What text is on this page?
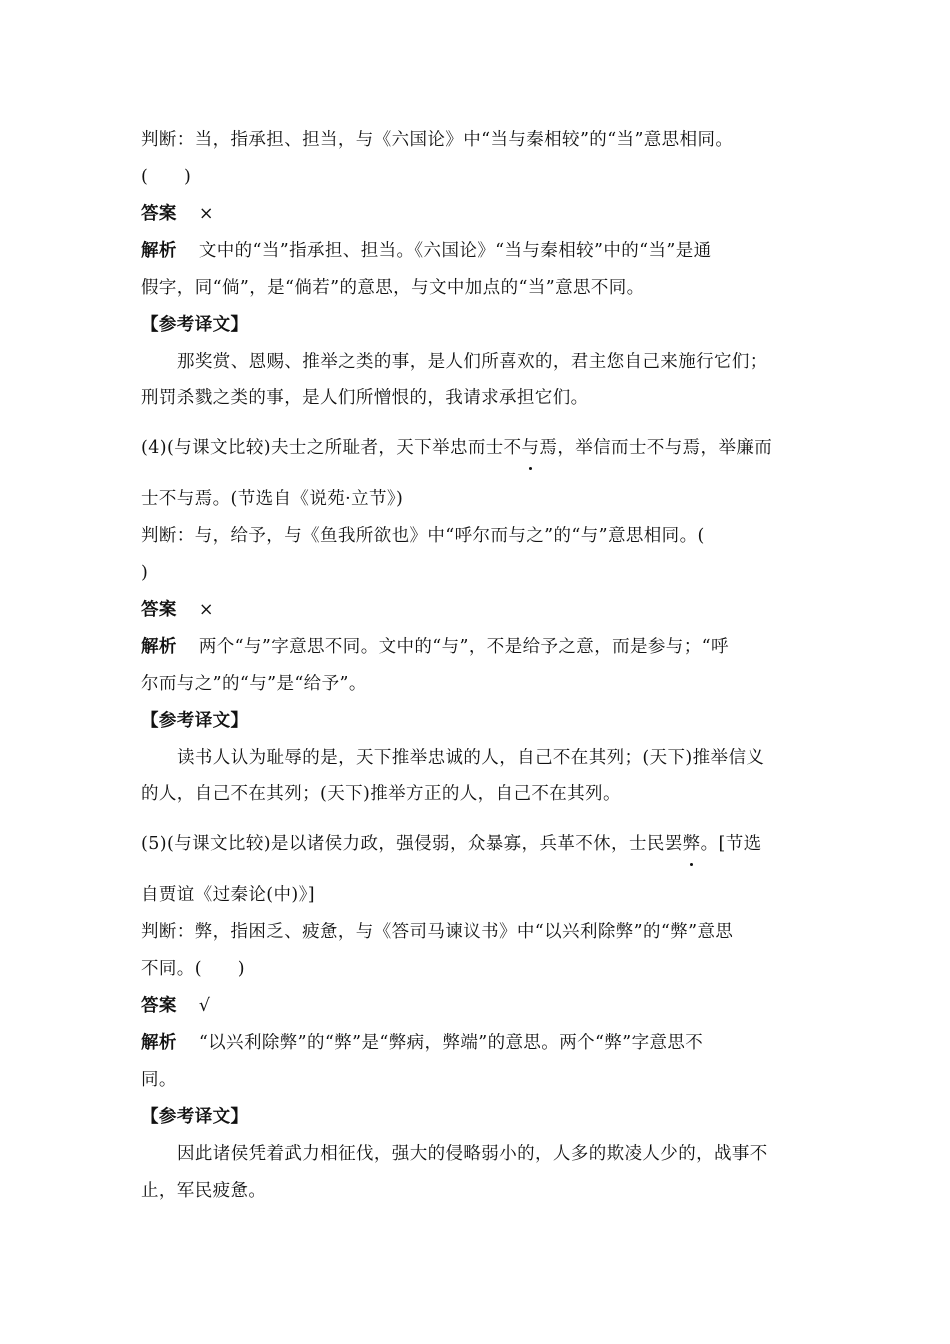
判断：当，指承担、担当，与《六国论》中“当与秦相较”的“当”意思相同。
(　　)
答案 ×
解析 文中的“当”指承担、担当。《六国论》“当与秦相较”中的“当”是通
假字，同“倘”，是“倘若”的意思，与文中加点的“当”意思不同。
【参考译文】
那奖赏、恩赐、推举之类的事，是人们所喜欢的，君主您自己来施行它们；
刑罚杀戮之类的事，是人们所憎恨的，我请求承担它们。
(4)(与课文比较)夫士之所耻者，天下举忠而士不与焉，举信而士不与焉，举廉而
士不与焉。(节选自《说苑·立节》)
判断：与，给予，与《鱼我所欲也》中“呼尔而与之”的“与”意思相同。(
)
答案 ×
解析 两个“与”字意思不同。文中的“与”，不是给予之意，而是参与；“呼
尔而与之”的“与”是“给予”。
【参考译文】
读书人认为耻辱的是，天下推举忠诚的人，自己不在其列；(天下)推举信义
的人，自己不在其列；(天下)推举方正的人，自己不在其列。
(5)(与课文比较)是以诸侯力政，强侵弱，众暴寡，兵革不休，士民罢弊。[节选
自贾谊《过秦论(中)》]
判断：弊，指困乏、疲惫，与《答司马谏议书》中“以兴利除弊”的“弊”意思
不同。(　　)
答案 √
解析 “以兴利除弊”的“弊”是“弊病，弊端”的意思。两个“弊”字意思不
同。
【参考译文】
因此诸侯凭着武力相征伐，强大的侵略弱小的，人多的欺凌人少的，战事不
止，军民疲惫。
